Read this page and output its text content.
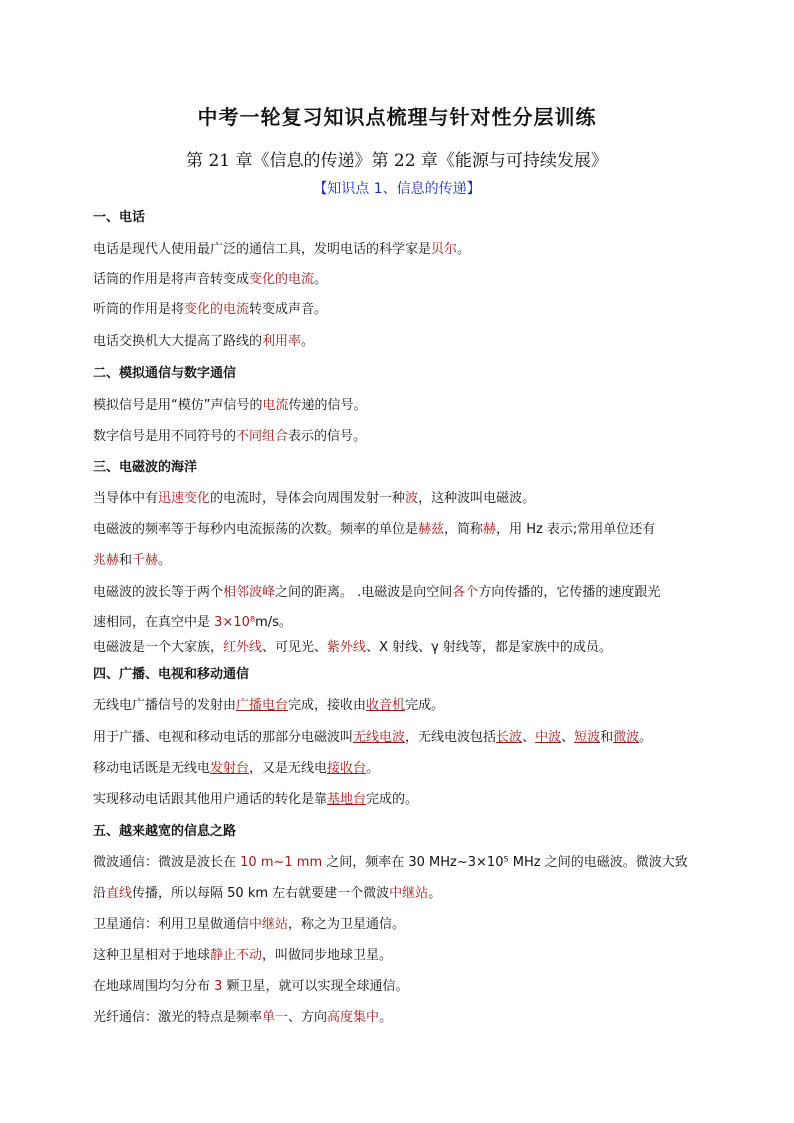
中考一轮复习知识点梳理与针对性分层训练
第 21 章《信息的传递》第 22 章《能源与可持续发展》
【知识点 1、信息的传递】
一、电话
电话是现代人使用最广泛的通信工具，发明电话的科学家是贝尔。
话筒的作用是将声音转变成变化的电流。
听筒的作用是将变化的电流转变成声音。
电话交换机大大提高了路线的利用率。
二、模拟通信与数字通信
模拟信号是用“模仿”声信号的电流传递的信号。
数字信号是用不同符号的不同组合表示的信号。
三、电磁波的海洋
当导体中有迅速变化的电流时，导体会向周围发射一种波，这种波叫电磁波。
电磁波的频率等于每秒内电流振荡的次数。频率的单位是赫兹，简称赫，用 Hz 表示;常用单位还有
兆赫和千赫。
电磁波的波长等于两个相邻波峰之间的距离。 .电磁波是向空间各个方向传播的，它传播的速度跟光
速相同，在真空中是 3×10⁸m/s。
电磁波是一个大家族，红外线、可见光、紫外线、X 射线、γ 射线等，都是家族中的成员。
四、广播、电视和移动通信
无线电广播信号的发射由广播电台完成，接收由收音机完成。
用于广播、电视和移动电话的那部分电磁波叫无线电波，无线电波包括长波、中波、短波和微波。
移动电话既是无线电发射台，又是无线电接收台。
实现移动电话跟其他用户通话的转化是靠基地台完成的。
五、越来越宽的信息之路
微波通信：微波是波长在 10 m~1 mm 之间，频率在 30 MHz~3×10⁵ MHz 之间的电磁波。微波大致
沿直线传播，所以每隔 50 km 左右就要建一个微波中继站。
卫星通信：利用卫星做通信中继站，称之为卫星通信。
这种卫星相对于地球静止不动，叫做同步地球卫星。
在地球周围均匀分布 3 颗卫星，就可以实现全球通信。
光纤通信：激光的特点是频率单一、方向高度集中。
